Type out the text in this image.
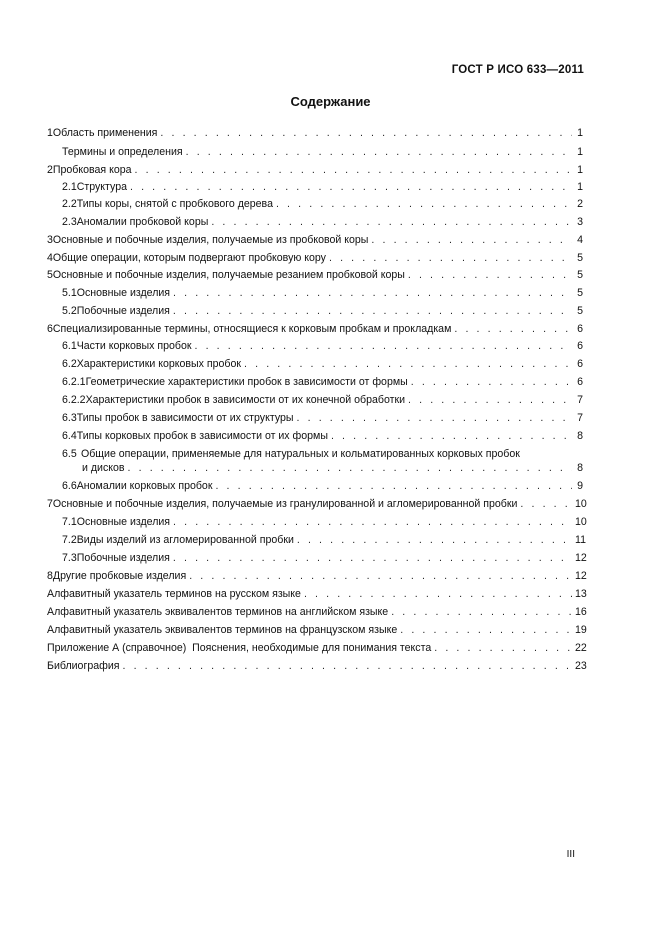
ГОСТ Р ИСО 633—2011
Содержание
1 Область применения . . .	1
Термины и определения . . .	1
2 Пробковая кора . . .	1
2.1 Структура . . .	1
2.2 Типы коры, снятой с пробкового дерева . . .	2
2.3 Аномалии пробковой коры . . .	3
3 Основные и побочные изделия, получаемые из пробковой коры . . .	4
4 Общие операции, которым подвергают пробковую кору . . .	5
5 Основные и побочные изделия, получаемые резанием пробковой коры . . .	5
5.1 Основные изделия . . .	5
5.2 Побочные изделия . . .	5
6 Специализированные термины, относящиеся к корковым пробкам и прокладкам . . .	6
6.1 Части корковых пробок . . .	6
6.2 Характеристики корковых пробок . . .	6
6.2.1 Геометрические характеристики пробок в зависимости от формы . . .	6
6.2.2 Характеристики пробок в зависимости от их конечной обработки . . .	7
6.3 Типы пробок в зависимости от их структуры . . .	7
6.4 Типы корковых пробок в зависимости от их формы . . .	8
6.5 Общие операции, применяемые для натуральных и кольматированных корковых пробок
и дисков . . .	8
6.6 Аномалии корковых пробок . . .	9
7 Основные и побочные изделия, получаемые из гранулированной и агломерированной пробки . . .	10
7.1 Основные изделия . . .	10
7.2 Виды изделий из агломерированной пробки . . .	11
7.3 Побочные изделия . . .	12
8 Другие пробковые изделия . . .	12
Алфавитный указатель терминов на русском языке . . .	13
Алфавитный указатель эквивалентов терминов на английском языке . . .	16
Алфавитный указатель эквивалентов терминов на французском языке . . .	19
Приложение А (справочное)  Пояснения, необходимые для понимания текста . . .	22
Библиография . . .	23
III
